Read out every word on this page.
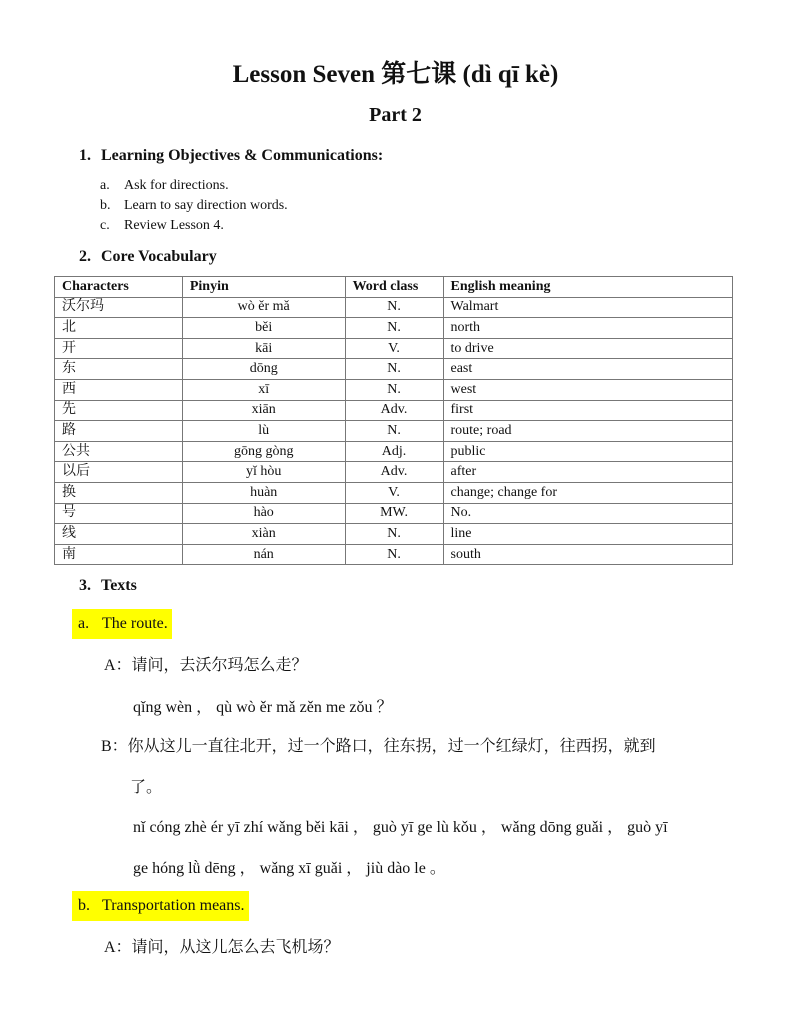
Lesson Seven 第七课 (dì qī kè)
Part 2
1. Learning Objectives & Communications:
a. Ask for directions.
b. Learn to say direction words.
c. Review Lesson 4.
2. Core Vocabulary
Characters	Pinyin	Word class	English meaning
沃尔玛	wò ěr mǎ	N.	Walmart
北	běi	N.	north
开	kāi	V.	to drive
东	dōng	N.	east
西	xī	N.	west
先	xiān	Adv.	first
路	lù	N.	route; road
公共	gōng gòng	Adj.	public
以后	yǐ hòu	Adv.	after
换	huàn	V.	change; change for
号	hào	MW.	No.
线	xiàn	N.	line
南	nán	N.	south
3. Texts
a. The route.
A：请问，去沃尔玛怎么走？
qǐng wèn ， qù wò ěr mǎ zěn me zǒu ？
B：你从这儿一直往北开，过一个路口，往东拐，过一个红绿灯，往西拐，就到
了。
nǐ cóng zhè ér yī zhí wǎng běi kāi ， guò yī ge lù kǒu ， wǎng dōng guǎi ， guò yī
ge hóng lǜ dēng ， wǎng xī guǎi ， jiù dào le 。
b. Transportation means.
A：请问，从这儿怎么去飞机场？
